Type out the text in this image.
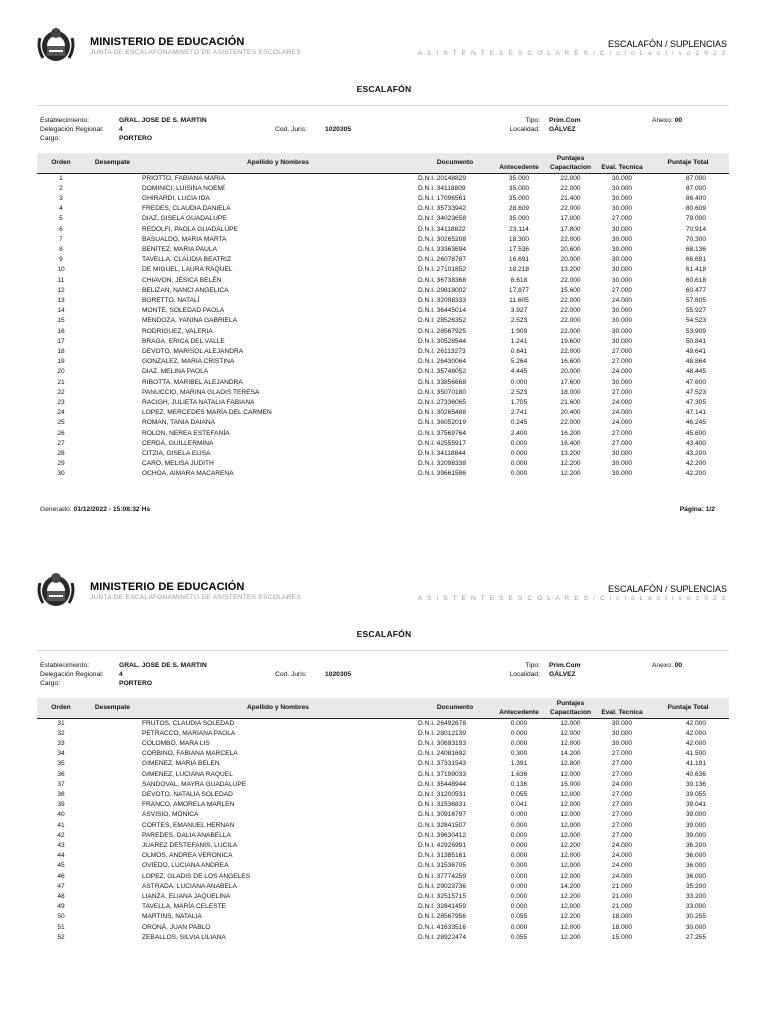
MINISTERIO DE EDUCACIÓN
JUNTA DE ESCALAFONAMINETO DE ASISTENTES ESCOLARES
ESCALAFÓN / SUPLENCIAS
A S I S T E N T E S E S C O L A R E S / C i c l o L e c t i v o 2 0 2 2
ESCALAFÓN
Establecimiento:
Delegación Regional:
Cargo:
GRAL. JOSE DE S. MARTIN
4
PORTERO
Cod. Juris:	1020305
Tipo:
Localidad:
Prim.Com
GÁLVEZ
Anexo: 00
Orden	Desempate	Apellido y Nombres	Documento	Puntajes			Puntaje Total
				Antecedente	Capacitacion	Eval. Tecnica	
1		PRIOTTO, FABIANA MARIA	D.N.I. 20148829	35.000	22.000	30.000	87.000
2		DOMINICI, LUISINA NOEMÍ	D.N.I. 34118809	35.000	22.000	30.000	87.000
3		GHIRARDI, LUCIA IDA	D.N.I. 17096561	35.000	21.400	30.000	86.400
4		FREDES, CLAUDIA DANIELA	D.N.I. 35733942	28.609	22.000	30.000	80.609
5		DIAZ, GISELA GUADALUPE	D.N.I. 34023658	35.000	17.000	27.000	79.000
6		REDOLFI, PAOLA GUADALUPE	D.N.I. 34118822	23.114	17.800	30.000	70.914
7		BASUALDO, MARIA MARTA	D.N.I. 30265208	18.300	22.000	30.000	70.300
8		BENITEZ, MARIA PAULA	D.N.I. 33363694	17.536	20.600	30.000	68.136
9		TAVELLA, CLAUDIA BEATRIZ	D.N.I. 26078787	16.691	20.000	30.000	66.691
10		DE MIGUEL, LAURA RAQUEL	D.N.I. 27101852	18.218	13.200	30.000	61.418
11		CHIAVON, JÉSICA BELÉN	D.N.I. 36738368	8.618	22.000	30.000	60.618
12		BELIZAN, NANCI ANGELICA	D.N.I. 29818002	17.877	15.600	27.000	60.477
13		BORETTO, NATALÍ	D.N.I. 32098333	11.605	22.000	24.000	57.605
14		MONTE, SOLEDAD PAOLA	D.N.I. 36445014	3.927	22.000	30.000	55.927
15		MENDOZA, YANINA GABRIELA	D.N.I. 28526352	2.523	22.000	30.000	54.523
16		RODRIGUEZ, VALERIA	D.N.I. 28567925	1.909	22.000	30.000	53.909
17		BRAGA, ERICA DEL VALLE	D.N.I. 30528544	1.241	19.600	30.000	50.841
18		DEVOTO, MARISOL ALEJANDRA	D.N.I. 26113273	0.641	22.000	27.000	49.641
19		GONZALEZ, MARIA CRISTINA	D.N.I. 26430064	5.264	16.600	27.000	48.864
20		DIAZ, MELINA PAOLA	D.N.I. 35748052	4.445	20.000	24.000	48.445
21		RIBOTTA, MARIBEL ALEJANDRA	D.N.I. 33856668	0.000	17.600	30.000	47.600
22		PANUCCIO, MARINA GLADIS TERESA	D.N.I. 35070180	2.523	18.000	27.000	47.523
23		RACIGH, JULIETA NATALIA FABIANA	D.N.I. 27336065	1.705	21.600	24.000	47.305
24		LOPEZ, MERCEDES MARÍA DEL CARMEN	D.N.I. 30265488	2.741	20.400	24.000	47.141
25		ROMAN, TANIA DAIANA	D.N.I. 36052019	0.245	22.000	24.000	46.245
26		ROLON, NEREA ESTEFANÍA	D.N.I. 37569764	2.400	16.200	27.000	45.600
27		CERDÁ, GUILLERMINA	D.N.I. 42555917	0.000	16.400	27.000	43.400
28		CITZIA, GISELA ELISA	D.N.I. 34118844	0.000	13.200	30.000	43.200
29		CARO, MELISA JUDITH	D.N.I. 32098338	0.000	12.200	30.000	42.200
30		OCHOA, AIMARA MACARENA	D.N.I. 39661586	0.000	12.200	30.000	42.200
Generado: 01/12/2022 - 15:08:32 Hs	Página: 1/2
MINISTERIO DE EDUCACIÓN
JUNTA DE ESCALAFONAMINETO DE ASISTENTES ESCOLARES
ESCALAFÓN / SUPLENCIAS
A S I S T E N T E S E S C O L A R E S / C i c l o L e c t i v o 2 0 2 2
ESCALAFÓN
Establecimiento:
Delegación Regional:
Cargo:
GRAL. JOSE DE S. MARTIN
4
PORTERO
Cod. Juris:	1020305
Tipo:
Localidad:
Prim.Com
GÁLVEZ
Anexo: 00
Orden	Desempate	Apellido y Nombres	Documento	Puntajes			Puntaje Total
				Antecedente	Capacitacion	Eval. Tecnica	
31		FRUTOS, CLAUDIA SOLEDAD	D.N.I. 26492678	0.000	12.000	30.000	42.000
32		PETRACCO, MARIANA PAOLA	D.N.I. 28012139	0.000	12.000	30.000	42.000
33		COLOMBO, MARA LIS	D.N.I. 30693193	0.000	12.000	30.000	42.000
34		CORBINO, FABIANA MARCELA	D.N.I. 24081692	0.300	14.200	27.000	41.500
35		GIMENEZ, MARIA BELEN	D.N.I. 37331543	1.391	12.800	27.000	41.191
36		GIMENEZ, LUCIANA RAQUEL	D.N.I. 37199033	1.636	12.000	27.000	40.636
37		SANDOVAL, MAYRA GUADALUPE	D.N.I. 35448944	0.136	15.000	24.000	39.136
38		DEVOTO, NATALIA SOLEDAD	D.N.I. 31200531	0.055	12.000	27.000	39.055
39		FRANCO, AMORELA MARLEN	D.N.I. 31536831	0.041	12.000	27.000	39.041
40		ASVISIO, MÓNICA	D.N.I. 30916797	0.000	12.000	27.000	39.000
41		CORTES, EMANUEL HERNAN	D.N.I. 32841507	0.000	12.000	27.000	39.000
42		PAREDES, DALIA ANABELLA	D.N.I. 39630412	0.000	12.000	27.000	39.000
43		JUAREZ DESTEFANIS, LUCILA	D.N.I. 42926991	0.000	12.200	24.000	36.200
44		OLMOS, ANDREA VERONICA	D.N.I. 31385161	0.000	12.000	24.000	36.000
45		OVIEDO, LUCIANA ANDREA	D.N.I. 31536705	0.000	12.000	24.000	36.000
46		LOPEZ, GLADIS DE LOS ANGELES	D.N.I. 37774259	0.000	12.000	24.000	36.000
47		ASTRADA, LUCIANA ANABELA	D.N.I. 29023736	0.000	14.200	21.000	35.200
48		LIANZA, ELIANA JAQUELINA	D.N.I. 32515715	0.000	12.200	21.000	33.200
49		TAVELLA, MARÍA CELESTE	D.N.I. 32841459	0.000	12.000	21.000	33.000
50		MARTINS, NATALIA	D.N.I. 28567956	0.055	12.200	18.000	30.255
51		ORONÁ, JUAN PABLO	D.N.I. 41633516	0.000	12.000	18.000	30.000
52		ZEBALLOS, SILVIA LILIANA	D.N.I. 28922474	0.055	12.200	15.000	27.255
